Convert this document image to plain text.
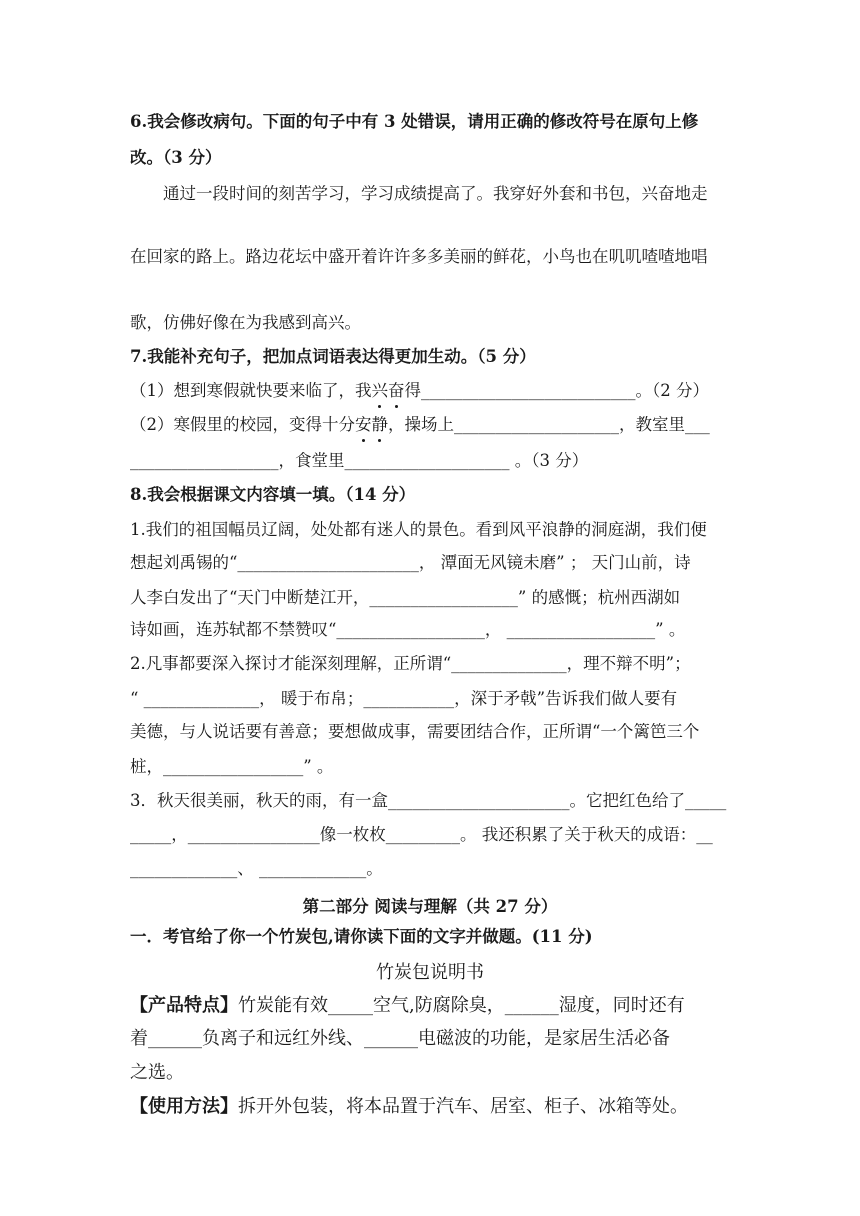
6.我会修改病句。下面的句子中有 3 处错误，请用正确的修改符号在原句上修
改。（3 分）
通过一段时间的刻苦学习，学习成绩提高了。我穿好外套和书包，兴奋地走
在回家的路上。路边花坛中盛开着许许多多美丽的鲜花，小鸟也在叽叽喳喳地唱
歌，仿佛好像在为我感到高兴。
7.我能补充句子，把加点词语表达得更加生动。（5 分）
（1）想到寒假就快要来临了，我兴奋得__________________________。（2 分）
（2）寒假里的校园，变得十分安静，操场上____________________，教室里___
__________________，食堂里____________________ 。（3 分）
8.我会根据课文内容填一填。（14 分）
1.我们的祖国幅员辽阔，处处都有迷人的景色。看到风平浪静的洞庭湖，我们便
想起刘禹锡的“______________________， 潭面无风镜未磨” ； 天门山前，诗
人李白发出了“天门中断楚江开，__________________” 的感慨；杭州西湖如
诗如画，连苏轼都不禁赞叹“__________________， __________________” 。
2.凡事都要深入探讨才能深刻理解，正所谓“______________，理不辩不明”；
“ ______________， 暖于布帛；___________，深于矛戟”告诉我们做人要有
美德，与人说话要有善意；要想做成事，需要团结合作，正所谓“一个篱笆三个
桩，_________________” 。
3．秋天很美丽，秋天的雨，有一盒______________________。它把红色给了_____
_____，________________像一枚枚_________。 我还积累了关于秋天的成语：__
_____________、 _____________。
第二部分 阅读与理解（共 27 分）
一．考官给了你一个竹炭包,请你读下面的文字并做题。(11 分)
竹炭包说明书
【产品特点】竹炭能有效_____空气,防腐除臭，______湿度，同时还有
着______负离子和远红外线、______电磁波的功能，是家居生活必备
之选。
【使用方法】拆开外包装，将本品置于汽车、居室、柜子、冰箱等处。
